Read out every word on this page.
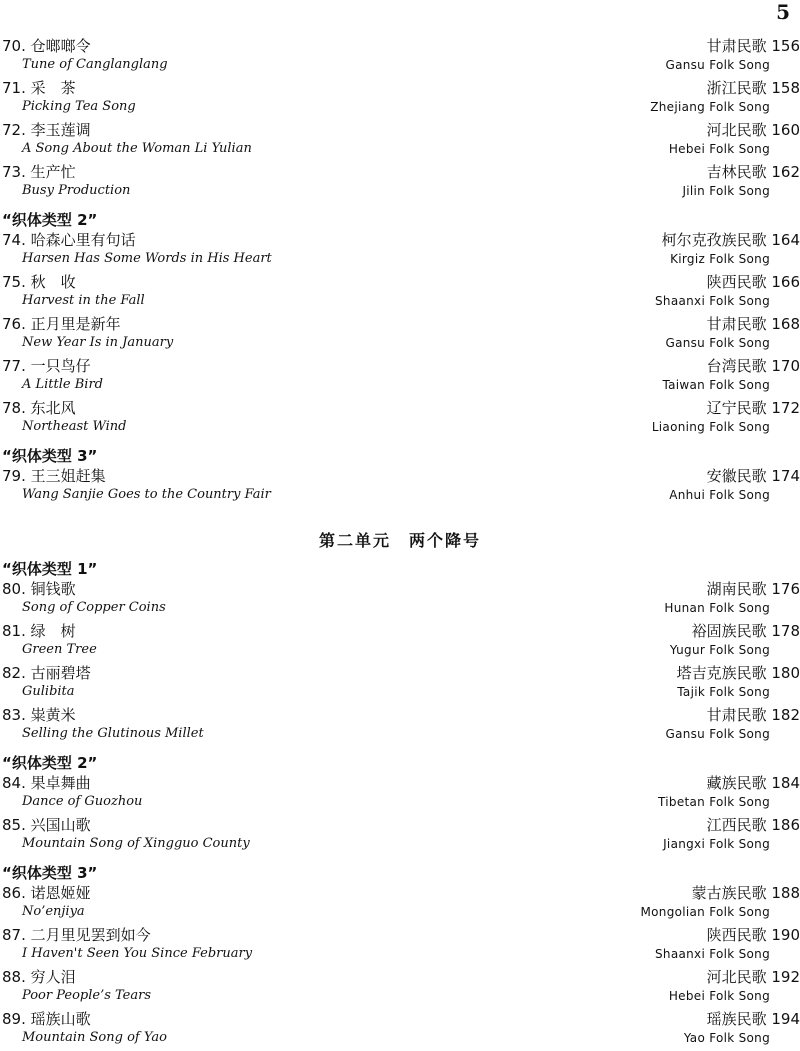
5
70. 仓啷啷令
Tune of Canglanglang
甘肃民歌 156
Gansu Folk Song
71. 采　茶
Picking Tea Song
浙江民歌 158
Zhejiang Folk Song
72. 李玉莲调
A Song About the Woman Li Yulian
河北民歌 160
Hebei Folk Song
73. 生产忙
Busy Production
吉林民歌 162
Jilin Folk Song
“织体类型 2”
74. 哈森心里有句话
Harsen Has Some Words in His Heart
柯尔克孜族民歌 164
Kirgiz Folk Song
75. 秋　收
Harvest in the Fall
陕西民歌 166
Shaanxi Folk Song
76. 正月里是新年
New Year Is in January
甘肃民歌 168
Gansu Folk Song
77. 一只鸟仔
A Little Bird
台湾民歌 170
Taiwan Folk Song
78. 东北风
Northeast Wind
辽宁民歌 172
Liaoning Folk Song
“织体类型 3”
79. 王三姐赶集
Wang Sanjie Goes to the Country Fair
安徽民歌 174
Anhui Folk Song
第二单元　两个降号
“织体类型 1”
80. 铜钱歌
Song of Copper Coins
湖南民歌 176
Hunan Folk Song
81. 绿　树
Green Tree
裕固族民歌 178
Yugur Folk Song
82. 古丽碧塔
Gulibita
塔吉克族民歌 180
Tajik Folk Song
83. 粜黄米
Selling the Glutinous Millet
甘肃民歌 182
Gansu Folk Song
“织体类型 2”
84. 果卓舞曲
Dance of Guozhou
藏族民歌 184
Tibetan Folk Song
85. 兴国山歌
Mountain Song of Xingguo County
江西民歌 186
Jiangxi Folk Song
“织体类型 3”
86. 诺恩姬娅
No’enjiya
蒙古族民歌 188
Mongolian Folk Song
87. 二月里见罢到如今
I Haven't Seen You Since February
陕西民歌 190
Shaanxi Folk Song
88. 穷人泪
Poor People’s Tears
河北民歌 192
Hebei Folk Song
89. 瑶族山歌
Mountain Song of Yao
瑶族民歌 194
Yao Folk Song
